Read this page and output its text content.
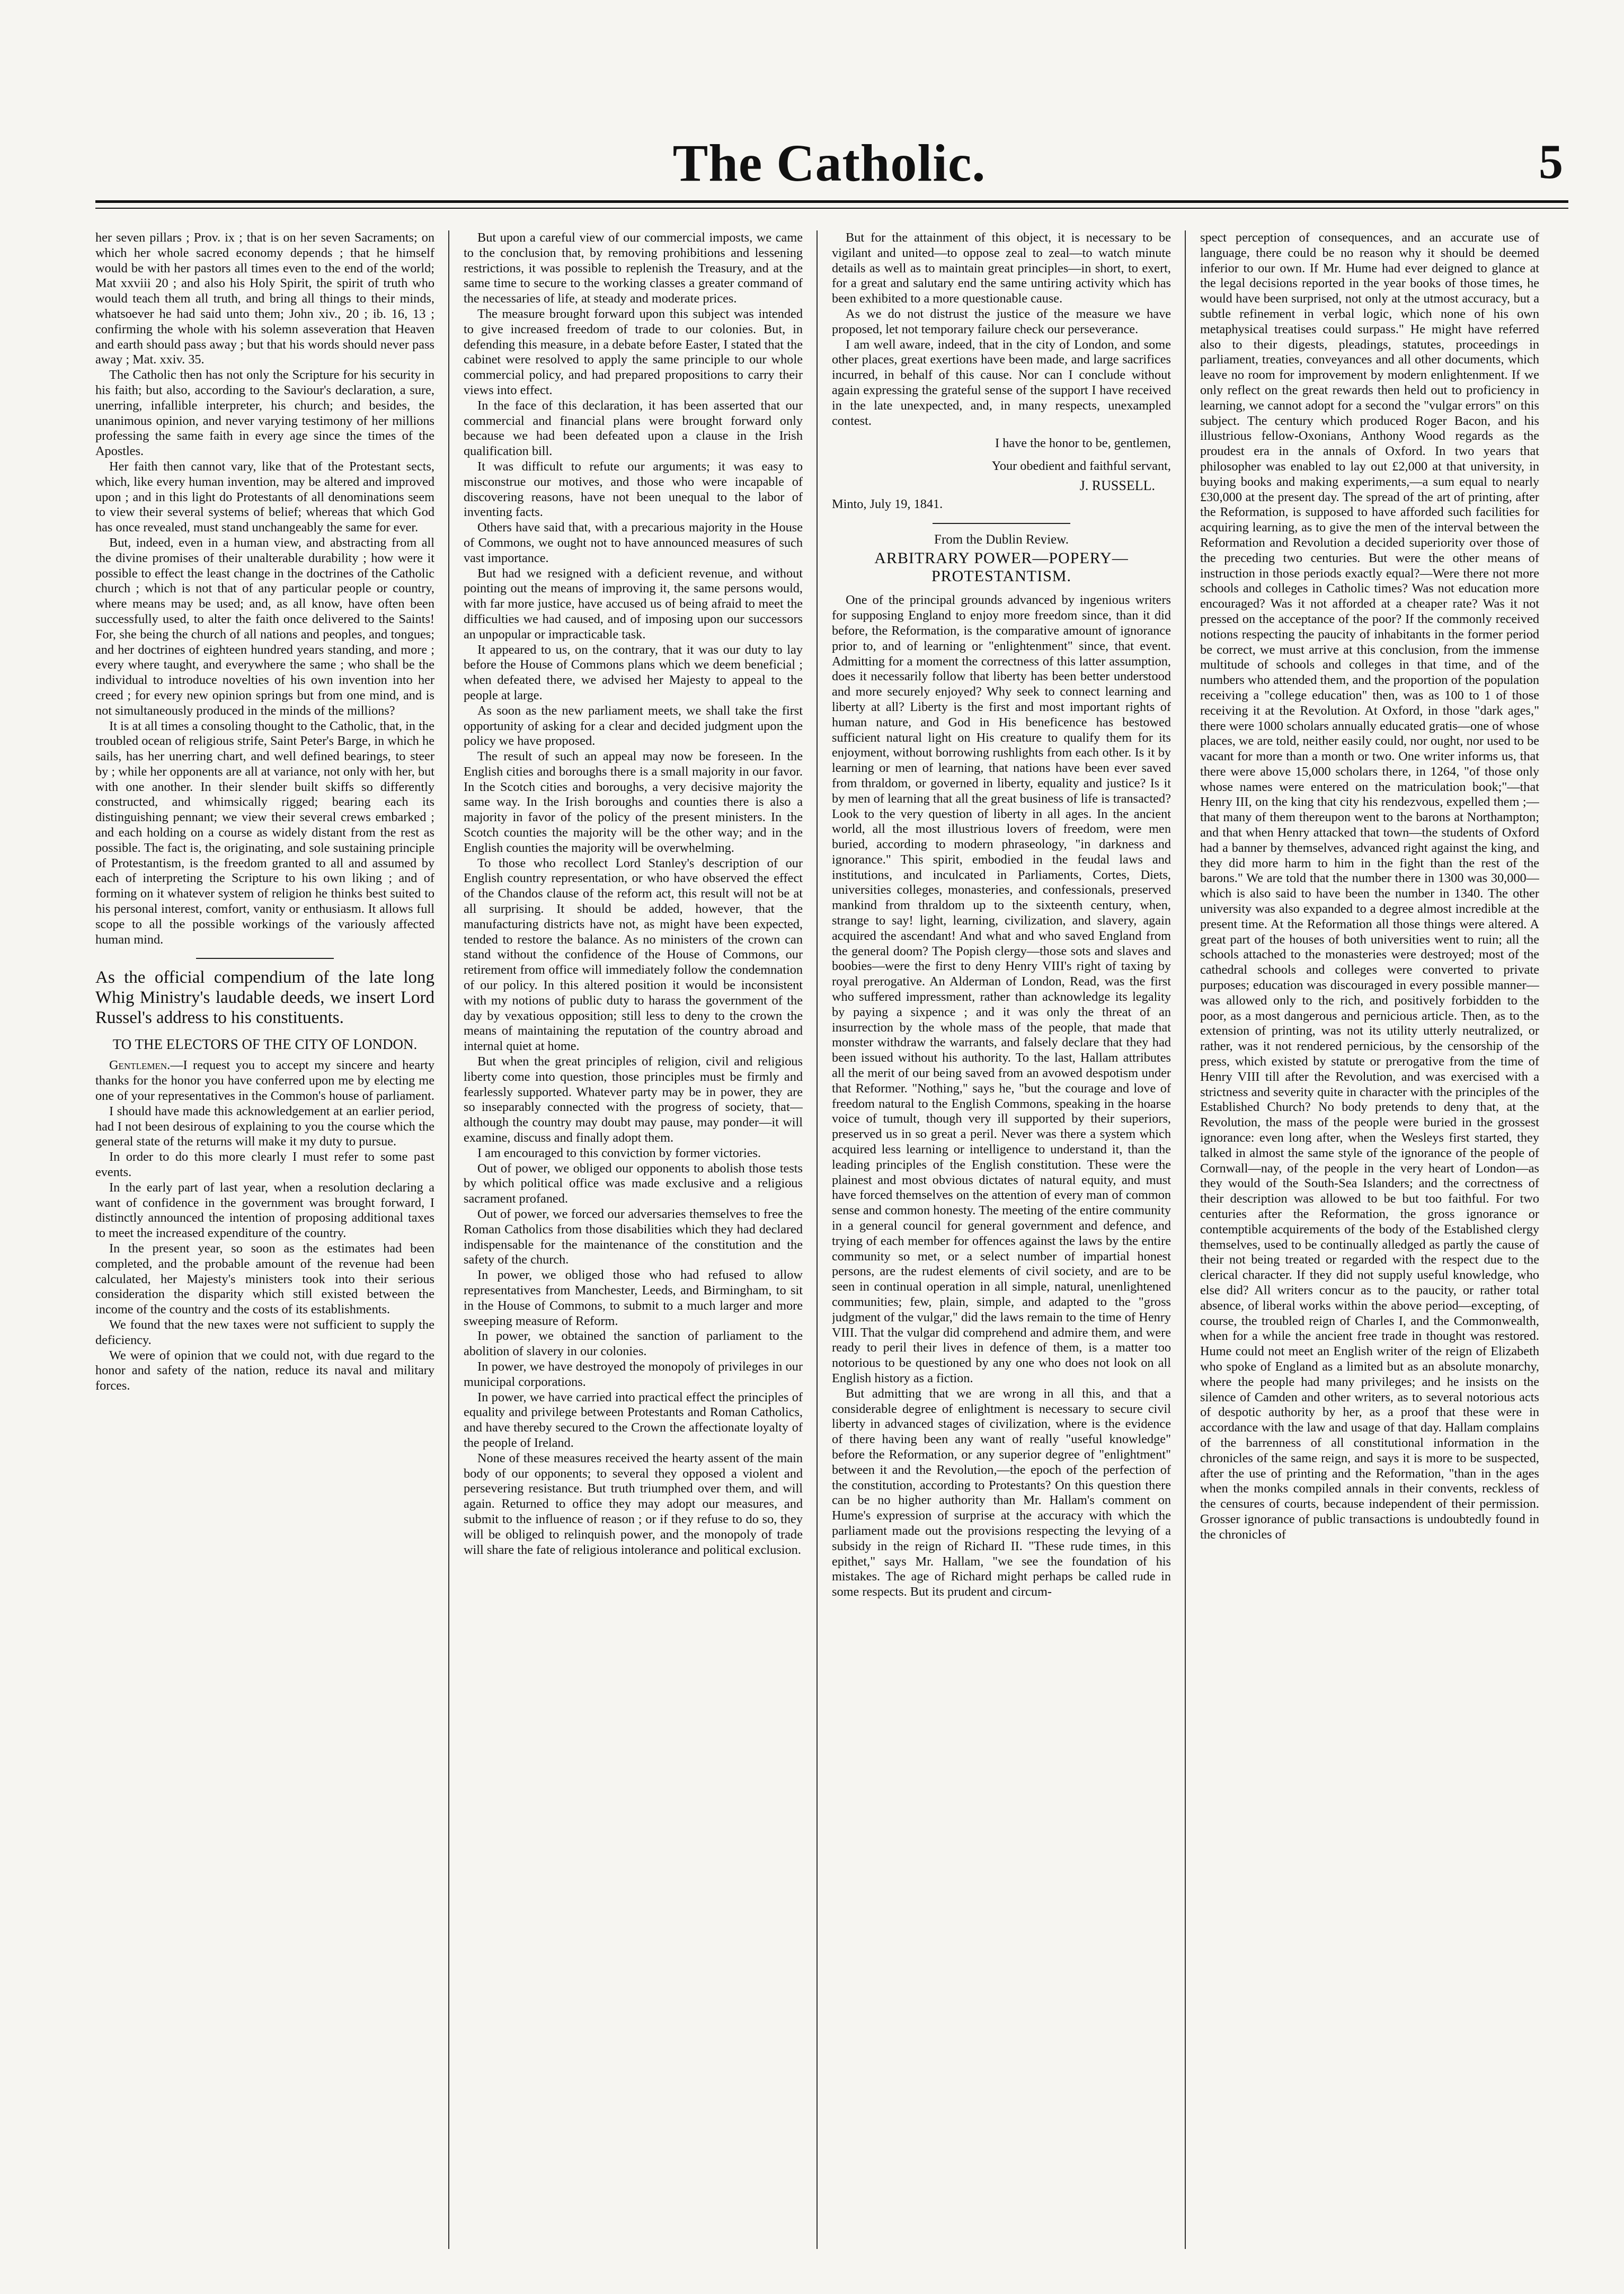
The Catholic.	5

her seven pillars ; Prov. ix ; that is on her seven Sacraments; on which her whole sacred economy depends ; that he himself would be with her pastors all times even to the end of the world; Mat xxviii 20 ; and also his Holy Spirit, the spirit of truth who would teach them all truth, and bring all things to their minds, whatsoever he had said unto them; John xiv., 20 ; ib. 16, 13 ; confirming the whole with his solemn asseveration that Heaven and earth should pass away ; but that his words should never pass away ; Mat. xxiv. 35.

The Catholic then has not only the Scripture for his security in his faith; but also, according to the Saviour's declaration, a sure, unerring, infallible interpreter, his church; and besides, the unanimous opinion, and never varying testimony of her millions professing the same faith in every age since the times of the Apostles.

Her faith then cannot vary, like that of the Protestant sects, which, like every human invention, may be altered and improved upon ; and in this light do Protestants of all denominations seem to view their several systems of belief; whereas that which God has once revealed, must stand unchangeably the same for ever.

But, indeed, even in a human view, and abstracting from all the divine promises of their unalterable durability ; how were it possible to effect the least change in the doctrines of the Catholic church ; which is not that of any particular people or country, where means may be used; and, as all know, have often been successfully used, to alter the faith once delivered to the Saints! For, she being the church of all nations and peoples, and tongues; and her doctrines of eighteen hundred years standing, and more ; every where taught, and everywhere the same ; who shall be the individual to introduce novelties of his own invention into her creed ; for every new opinion springs but from one mind, and is not simultaneously produced in the minds of the millions?

It is at all times a consoling thought to the Catholic, that, in the troubled ocean of religious strife, Saint Peter's Barge, in which he sails, has her unerring chart, and well defined bearings, to steer by ; while her opponents are all at variance, not only with her, but with one another. In their slender built skiffs so differently constructed, and whimsically rigged; bearing each its distinguishing pennant; we view their several crews embarked ; and each holding on a course as widely distant from the rest as possible. The fact is, the originating, and sole sustaining principle of Protestantism, is the freedom granted to all and assumed by each of interpreting the Scripture to his own liking ; and of forming on it whatever system of religion he thinks best suited to his personal interest, comfort, vanity or enthusiasm. It allows full scope to all the possible workings of the variously affected human mind.

As the official compendium of the late long Whig Ministry's laudable deeds, we insert Lord Russel's address to his constituents.

TO THE ELECTORS OF THE CITY OF LONDON.

Gentlemen.—I request you to accept my sincere and hearty thanks for the honor you have conferred upon me by electing me one of your representatives in the Common's house of parliament.

I should have made this acknowledgement at an earlier period, had I not been desirous of explaining to you the course which the general state of the returns will make it my duty to pursue.

In order to do this more clearly I must refer to some past events.

In the early part of last year, when a resolution declaring a want of confidence in the government was brought forward, I distinctly announced the intention of proposing additional taxes to meet the increased expenditure of the country.

In the present year, so soon as the estimates had been completed, and the probable amount of the revenue had been calculated, her Majesty's ministers took into their serious consideration the disparity which still existed between the income of the country and the costs of its establishments.

We found that the new taxes were not sufficient to supply the deficiency.

We were of opinion that we could not, with due regard to the honor and safety of the nation, reduce its naval and military forces.

But upon a careful view of our commercial imposts, we came to the conclusion that, by removing prohibitions and lessening restrictions, it was possible to replenish the Treasury, and at the same time to secure to the working classes a greater command of the necessaries of life, at steady and moderate prices.

The measure brought forward upon this subject was intended to give increased freedom of trade to our colonies. But, in defending this measure, in a debate before Easter, I stated that the cabinet were resolved to apply the same principle to our whole commercial policy, and had prepared propositions to carry their views into effect.

In the face of this declaration, it has been asserted that our commercial and financial plans were brought forward only because we had been defeated upon a clause in the Irish qualification bill.

It was difficult to refute our arguments; it was easy to misconstrue our motives, and those who were incapable of discovering reasons, have not been unequal to the labor of inventing facts.

Others have said that, with a precarious majority in the House of Commons, we ought not to have announced measures of such vast importance.

But had we resigned with a deficient revenue, and without pointing out the means of improving it, the same persons would, with far more justice, have accused us of being afraid to meet the difficulties we had caused, and of imposing upon our successors an unpopular or impracticable task.

It appeared to us, on the contrary, that it was our duty to lay before the House of Commons plans which we deem beneficial ; when defeated there, we advised her Majesty to appeal to the people at large.

As soon as the new parliament meets, we shall take the first opportunity of asking for a clear and decided judgment upon the policy we have proposed.

The result of such an appeal may now be foreseen. In the English cities and boroughs there is a small majority in our favor. In the Scotch cities and boroughs, a very decisive majority the same way. In the Irish boroughs and counties there is also a majority in favor of the policy of the present ministers. In the Scotch counties the majority will be the other way; and in the English counties the majority will be overwhelming.

To those who recollect Lord Stanley's description of our English country representation, or who have observed the effect of the Chandos clause of the reform act, this result will not be at all surprising. It should be added, however, that the manufacturing districts have not, as might have been expected, tended to restore the balance. As no ministers of the crown can stand without the confidence of the House of Commons, our retirement from office will immediately follow the condemnation of our policy. In this altered position it would be inconsistent with my notions of public duty to harass the government of the day by vexatious opposition; still less to deny to the crown the means of maintaining the reputation of the country abroad and internal quiet at home.

But when the great principles of religion, civil and religious liberty come into question, those principles must be firmly and fearlessly supported. Whatever party may be in power, they are so inseparably connected with the progress of society, that—although the country may doubt may pause, may ponder—it will examine, discuss and finally adopt them.

I am encouraged to this conviction by former victories.

Out of power, we obliged our opponents to abolish those tests by which political office was made exclusive and a religious sacrament profaned.

Out of power, we forced our adversaries themselves to free the Roman Catholics from those disabilities which they had declared indispensable for the maintenance of the constitution and the safety of the church.

In power, we obliged those who had refused to allow representatives from Manchester, Leeds, and Birmingham, to sit in the House of Commons, to submit to a much larger and more sweeping measure of Reform.

In power, we obtained the sanction of parliament to the abolition of slavery in our colonies.

In power, we have destroyed the monopoly of privileges in our municipal corporations.

In power, we have carried into practical effect the principles of equality and privilege between Protestants and Roman Catholics, and have thereby secured to the Crown the affectionate loyalty of the people of Ireland.

None of these measures received the hearty assent of the main body of our opponents; to several they opposed a violent and persevering resistance. But truth triumphed over them, and will again. Returned to office they may adopt our measures, and submit to the influence of reason ; or if they refuse to do so, they will be obliged to relinquish power, and the monopoly of trade will share the fate of religious intolerance and political exclusion.

But for the attainment of this object, it is necessary to be vigilant and united—to oppose zeal to zeal—to watch minute details as well as to maintain great principles—in short, to exert, for a great and salutary end the same untiring activity which has been exhibited to a more questionable cause.

As we do not distrust the justice of the measure we have proposed, let not temporary failure check our perseverance.

I am well aware, indeed, that in the city of London, and some other places, great exertions have been made, and large sacrifices incurred, in behalf of this cause. Nor can I conclude without again expressing the grateful sense of the support I have received in the late unexpected, and, in many respects, unexampled contest.

I have the honor to be, gentlemen,

Your obedient and faithful servant,

J. RUSSELL.

Minto, July 19, 1841.

From the Dublin Review.
ARBITRARY POWER—POPERY—PROTESTANTISM.

One of the principal grounds advanced by ingenious writers for supposing England to enjoy more freedom since, than it did before, the Reformation, is the comparative amount of ignorance prior to, and of learning or "enlightenment" since, that event. Admitting for a moment the correctness of this latter assumption, does it necessarily follow that liberty has been better understood and more securely enjoyed? Why seek to connect learning and liberty at all? Liberty is the first and most important rights of human nature, and God in His beneficence has bestowed sufficient natural light on His creature to qualify them for its enjoyment, without borrowing rushlights from each other. Is it by learning or men of learning, that nations have been ever saved from thraldom, or governed in liberty, equality and justice? Is it by men of learning that all the great business of life is transacted? Look to the very question of liberty in all ages. In the ancient world, all the most illustrious lovers of freedom, were men buried, according to modern phraseology, "in darkness and ignorance." This spirit, embodied in the feudal laws and institutions, and inculcated in Parliaments, Cortes, Diets, universities colleges, monasteries, and confessionals, preserved mankind from thraldom up to the sixteenth century, when, strange to say! light, learning, civilization, and slavery, again acquired the ascendant! And what and who saved England from the general doom? The Popish clergy—those sots and slaves and boobies—were the first to deny Henry VIII's right of taxing by royal prerogative. An Alderman of London, Read, was the first who suffered impressment, rather than acknowledge its legality by paying a sixpence ; and it was only the threat of an insurrection by the whole mass of the people, that made that monster withdraw the warrants, and falsely declare that they had been issued without his authority. To the last, Hallam attributes all the merit of our being saved from an avowed despotism under that Reformer. "Nothing," says he, "but the courage and love of freedom natural to the English Commons, speaking in the hoarse voice of tumult, though very ill supported by their superiors, preserved us in so great a peril. Never was there a system which acquired less learning or intelligence to understand it, than the leading principles of the English constitution. These were the plainest and most obvious dictates of natural equity, and must have forced themselves on the attention of every man of common sense and common honesty. The meeting of the entire community in a general council for general government and defence, and trying of each member for offences against the laws by the entire community so met, or a select number of impartial honest persons, are the rudest elements of civil society, and are to be seen in continual operation in all simple, natural, unenlightened communities; few, plain, simple, and adapted to the "gross judgment of the vulgar," did the laws remain to the time of Henry VIII. That the vulgar did comprehend and admire them, and were ready to peril their lives in defence of them, is a matter too notorious to be questioned by any one who does not look on all English history as a fiction.

But admitting that we are wrong in all this, and that a considerable degree of enlightment is necessary to secure civil liberty in advanced stages of civilization, where is the evidence of there having been any want of really "useful knowledge" before the Reformation, or any superior degree of "enlightment" between it and the Revolution,—the epoch of the perfection of the constitution, according to Protestants? On this question there can be no higher authority than Mr. Hallam's comment on Hume's expression of surprise at the accuracy with which the parliament made out the provisions respecting the levying of a subsidy in the reign of Richard II. "These rude times, in this epithet," says Mr. Hallam, "we see the foundation of his mistakes. The age of Richard might perhaps be called rude in some respects. But its prudent and circum-

spect perception of consequences, and an accurate use of language, there could be no reason why it should be deemed inferior to our own. If Mr. Hume had ever deigned to glance at the legal decisions reported in the year books of those times, he would have been surprised, not only at the utmost accuracy, but a subtle refinement in verbal logic, which none of his own metaphysical treatises could surpass." He might have referred also to their digests, pleadings, statutes, proceedings in parliament, treaties, conveyances and all other documents, which leave no room for improvement by modern enlightenment. If we only reflect on the great rewards then held out to proficiency in learning, we cannot adopt for a second the "vulgar errors" on this subject. The century which produced Roger Bacon, and his illustrious fellow-Oxonians, Anthony Wood regards as the proudest era in the annals of Oxford. In two years that philosopher was enabled to lay out £2,000 at that university, in buying books and making experiments,—a sum equal to nearly £30,000 at the present day. The spread of the art of printing, after the Reformation, is supposed to have afforded such facilities for acquiring learning, as to give the men of the interval between the Reformation and Revolution a decided superiority over those of the preceding two centuries. But were the other means of instruction in those periods exactly equal?—Were there not more schools and colleges in Catholic times? Was not education more encouraged? Was it not afforded at a cheaper rate? Was it not pressed on the acceptance of the poor? If the commonly received notions respecting the paucity of inhabitants in the former period be correct, we must arrive at this conclusion, from the immense multitude of schools and colleges in that time, and of the numbers who attended them, and the proportion of the population receiving a "college education" then, was as 100 to 1 of those receiving it at the Revolution. At Oxford, in those "dark ages," there were 1000 scholars annually educated gratis—one of whose places, we are told, neither easily could, nor ought, nor used to be vacant for more than a month or two. One writer informs us, that there were above 15,000 scholars there, in 1264, "of those only whose names were entered on the matriculation book;"—that Henry III, on the king that city his rendezvous, expelled them ;—that many of them thereupon went to the barons at Northampton; and that when Henry attacked that town—the students of Oxford had a banner by themselves, advanced right against the king, and they did more harm to him in the fight than the rest of the barons." We are told that the number there in 1300 was 30,000—which is also said to have been the number in 1340. The other university was also expanded to a degree almost incredible at the present time. At the Reformation all those things were altered. A great part of the houses of both universities went to ruin; all the schools attached to the monasteries were destroyed; most of the cathedral schools and colleges were converted to private purposes; education was discouraged in every possible manner—was allowed only to the rich, and positively forbidden to the poor, as a most dangerous and pernicious article. Then, as to the extension of printing, was not its utility utterly neutralized, or rather, was it not rendered pernicious, by the censorship of the press, which existed by statute or prerogative from the time of Henry VIII till after the Revolution, and was exercised with a strictness and severity quite in character with the principles of the Established Church? No body pretends to deny that, at the Revolution, the mass of the people were buried in the grossest ignorance: even long after, when the Wesleys first started, they talked in almost the same style of the ignorance of the people of Cornwall—nay, of the people in the very heart of London—as they would of the South-Sea Islanders; and the correctness of their description was allowed to be but too faithful. For two centuries after the Reformation, the gross ignorance or contemptible acquirements of the body of the Established clergy themselves, used to be continually alledged as partly the cause of their not being treated or regarded with the respect due to the clerical character. If they did not supply useful knowledge, who else did? All writers concur as to the paucity, or rather total absence, of liberal works within the above period—excepting, of course, the troubled reign of Charles I, and the Commonwealth, when for a while the ancient free trade in thought was restored. Hume could not meet an English writer of the reign of Elizabeth who spoke of England as a limited but as an absolute monarchy, where the people had many privileges; and he insists on the silence of Camden and other writers, as to several notorious acts of despotic authority by her, as a proof that these were in accordance with the law and usage of that day. Hallam complains of the barrenness of all constitutional information in the chronicles of the same reign, and says it is more to be suspected, after the use of printing and the Reformation, "than in the ages when the monks compiled annals in their convents, reckless of the censures of courts, because independent of their permission. Grosser ignorance of public transactions is undoubtedly found in the chronicles of
